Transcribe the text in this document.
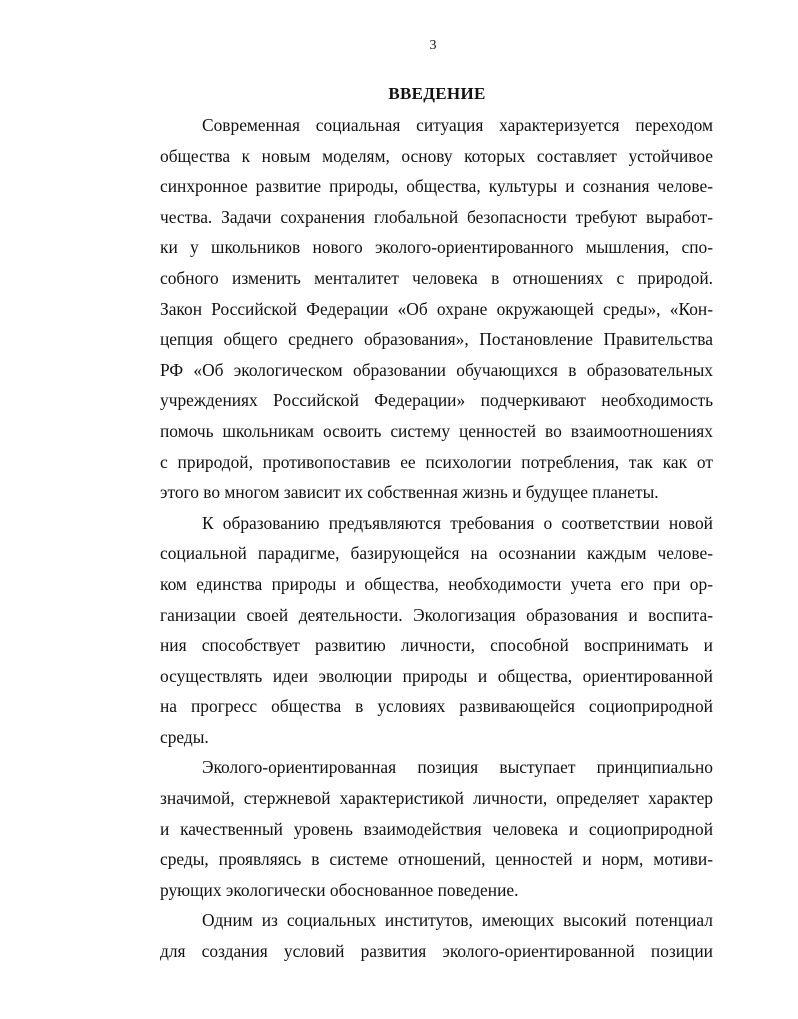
3
ВВЕДЕНИЕ
Современная социальная ситуация характеризуется переходом
общества к новым моделям, основу которых составляет устойчивое
синхронное развитие природы, общества, культуры и сознания челове-
чества. Задачи сохранения глобальной безопасности требуют выработ-
ки у школьников нового эколого-ориентированного мышления, спо-
собного изменить менталитет человека в отношениях с природой.
Закон Российской Федерации «Об охране окружающей среды», «Кон-
цепция общего среднего образования», Постановление Правительства
РФ «Об экологическом образовании обучающихся в образовательных
учреждениях Российской Федерации» подчеркивают необходимость
помочь школьникам освоить систему ценностей во взаимоотношениях
с природой, противопоставив ее психологии потребления, так как от
этого во многом зависит их собственная жизнь и будущее планеты.
К образованию предъявляются требования о соответствии новой
социальной парадигме, базирующейся на осознании каждым челове-
ком единства природы и общества, необходимости учета его при ор-
ганизации своей деятельности. Экологизация образования и воспита-
ния способствует развитию личности, способной воспринимать и
осуществлять идеи эволюции природы и общества, ориентированной
на прогресс общества в условиях развивающейся социоприродной
среды.
Эколого-ориентированная позиция выступает принципиально
значимой, стержневой характеристикой личности, определяет характер
и качественный уровень взаимодействия человека и социоприродной
среды, проявляясь в системе отношений, ценностей и норм, мотиви-
рующих экологически обоснованное поведение.
Одним из социальных институтов, имеющих высокий потенциал
для создания условий развития эколого-ориентированной позиции
